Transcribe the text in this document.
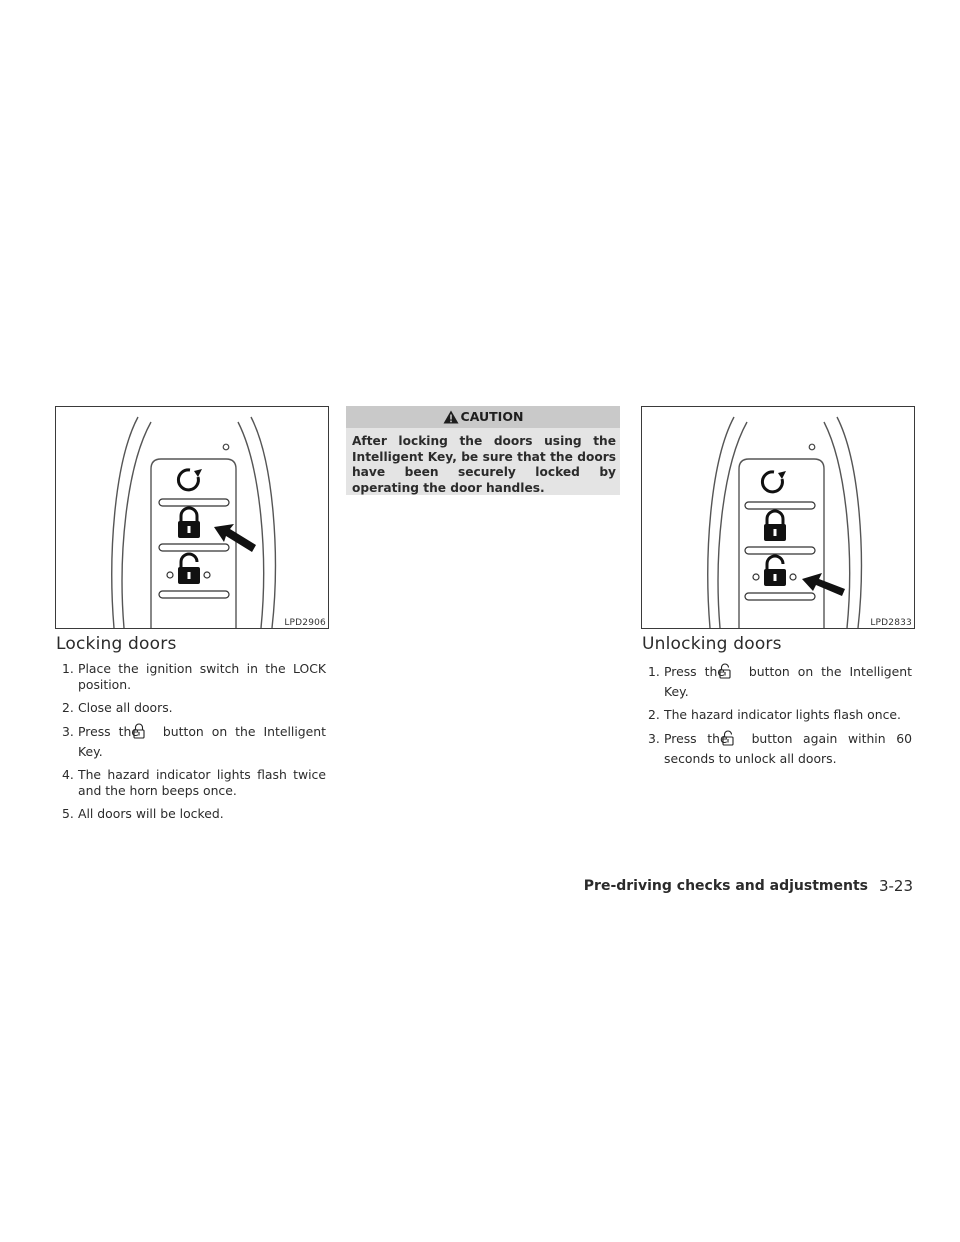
LPD2906
Locking doors
1. Place the ignition switch in the LOCK position.
2. Close all doors.
3. Press the button on the Intelligent Key.
4. The hazard indicator lights flash twice and the horn beeps once.
5. All doors will be locked.
CAUTION
After locking the doors using the Intelligent Key, be sure that the doors have been securely locked by operating the door handles.
LPD2833
Unlocking doors
1. Press the button on the Intelligent Key.
2. The hazard indicator lights flash once.
3. Press the button again within 60 seconds to unlock all doors.
Pre-driving checks and adjustments 3-23
